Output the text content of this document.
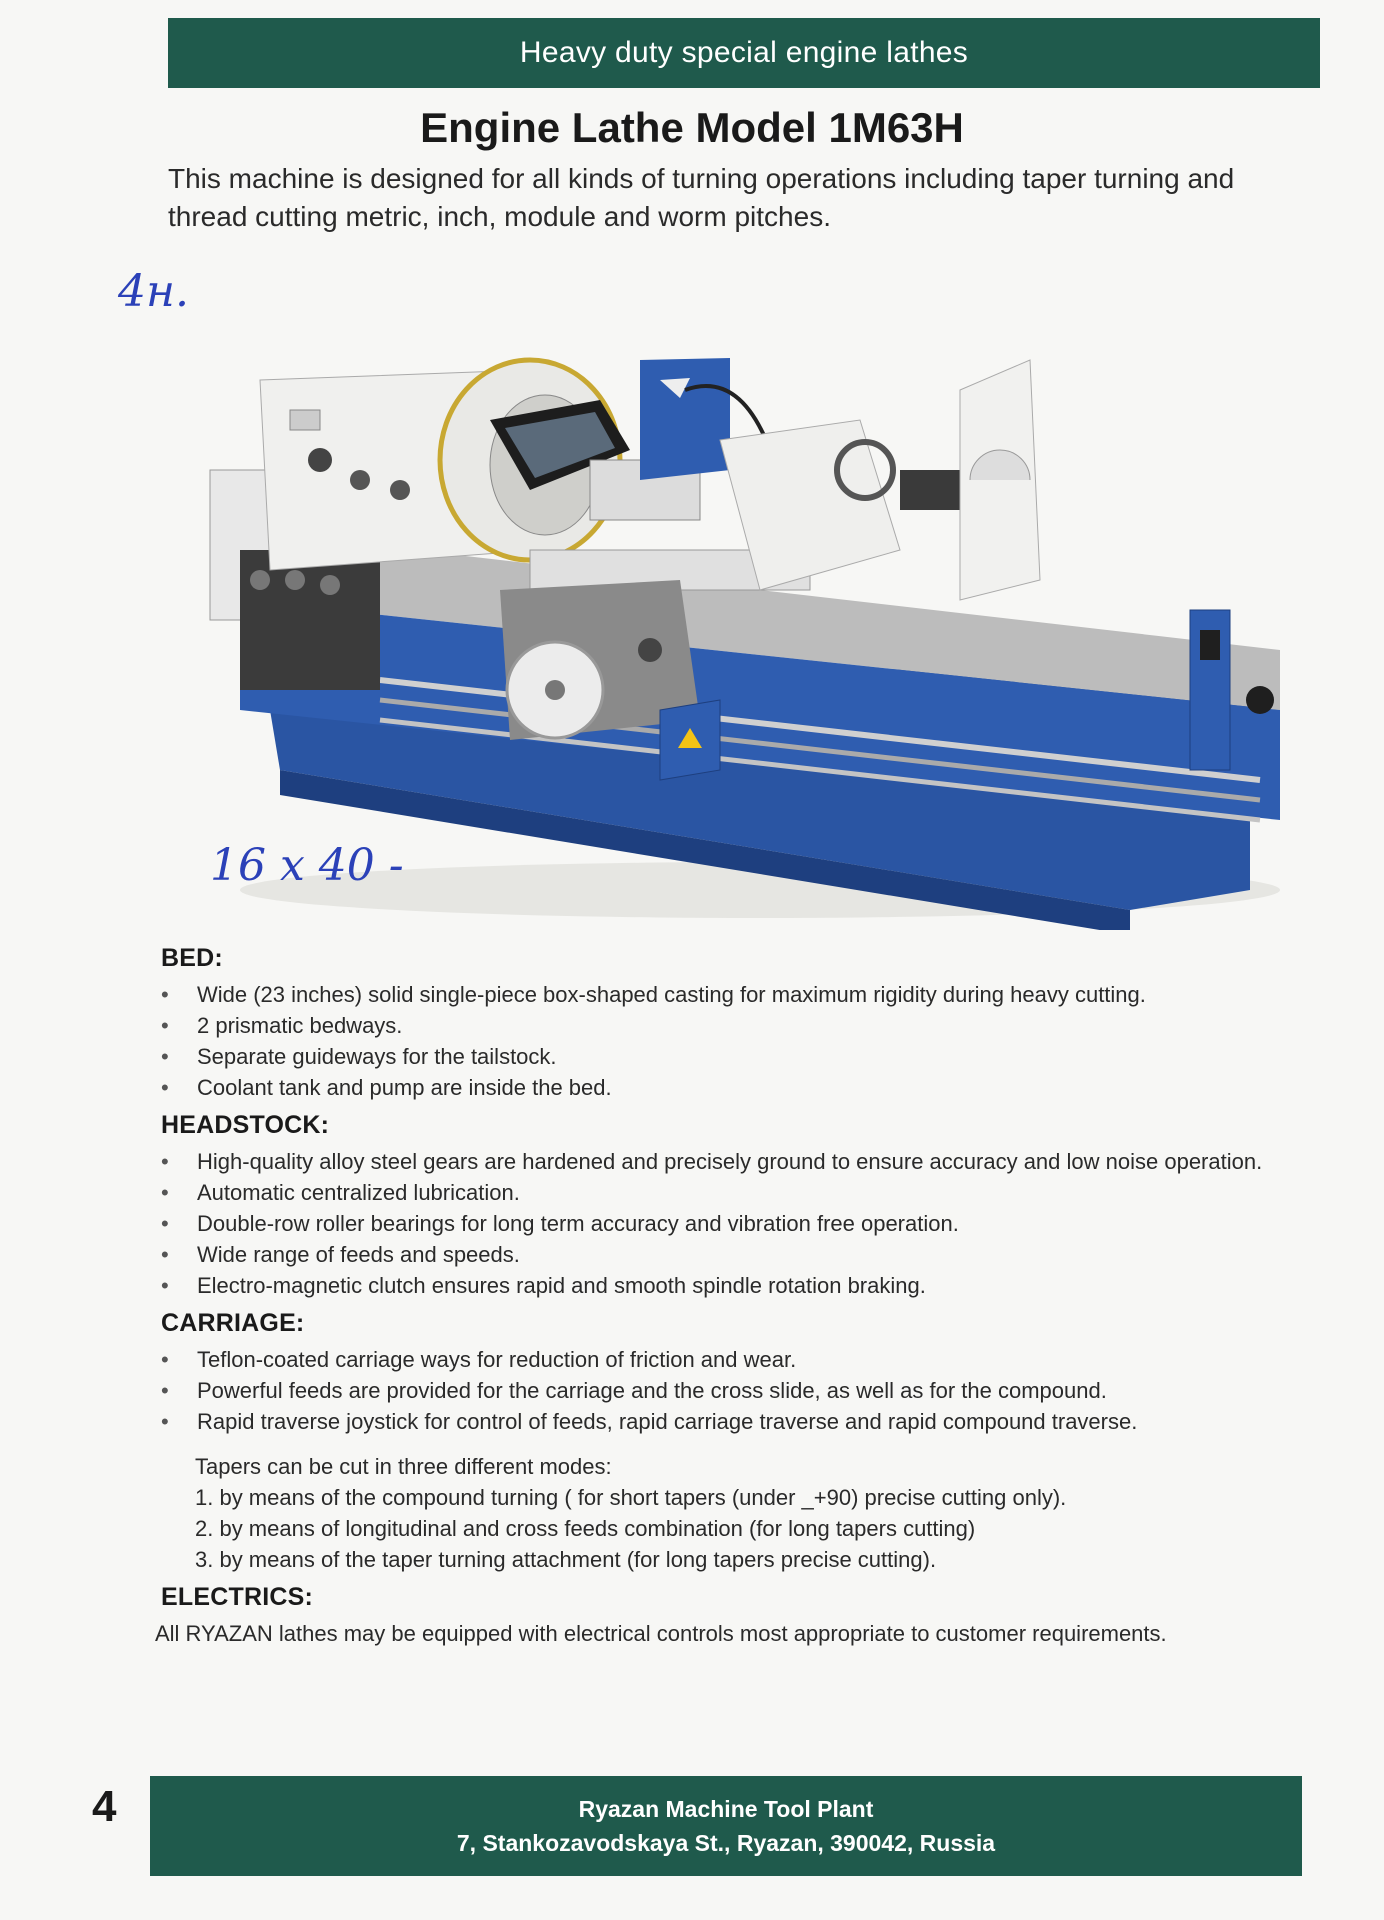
Heavy duty special engine lathes
Engine Lathe Model 1M63H
This machine is designed for all kinds of turning operations including taper turning and thread cutting metric, inch, module and worm pitches.
4н.
16 x 40 -
BED:
• Wide (23 inches) solid single-piece box-shaped casting for maximum rigidity during heavy cutting.
• 2 prismatic bedways.
• Separate guideways for the tailstock.
• Coolant tank and pump are inside the bed.
HEADSTOCK:
• High-quality alloy steel gears are hardened and precisely ground to ensure accuracy and low noise operation.
• Automatic centralized lubrication.
• Double-row roller bearings for long term accuracy and vibration free operation.
• Wide range of feeds and speeds.
• Electro-magnetic clutch ensures rapid and smooth spindle rotation braking.
CARRIAGE:
• Teflon-coated carriage ways for reduction of friction and wear.
• Powerful feeds are provided for the carriage and the cross slide, as well as for the compound.
• Rapid traverse joystick for control of feeds, rapid carriage traverse and rapid compound traverse.
Tapers can be cut in three different modes:
1. by means of the compound turning ( for short tapers (under _+90) precise cutting only).
2. by means of longitudinal and cross feeds combination (for long tapers cutting)
3. by means of the taper turning attachment (for long tapers precise cutting).
ELECTRICS:
All RYAZAN lathes may be equipped with electrical controls most appropriate to customer requirements.
4	Ryazan Machine Tool Plant
7, Stankozavodskaya St., Ryazan, 390042, Russia
